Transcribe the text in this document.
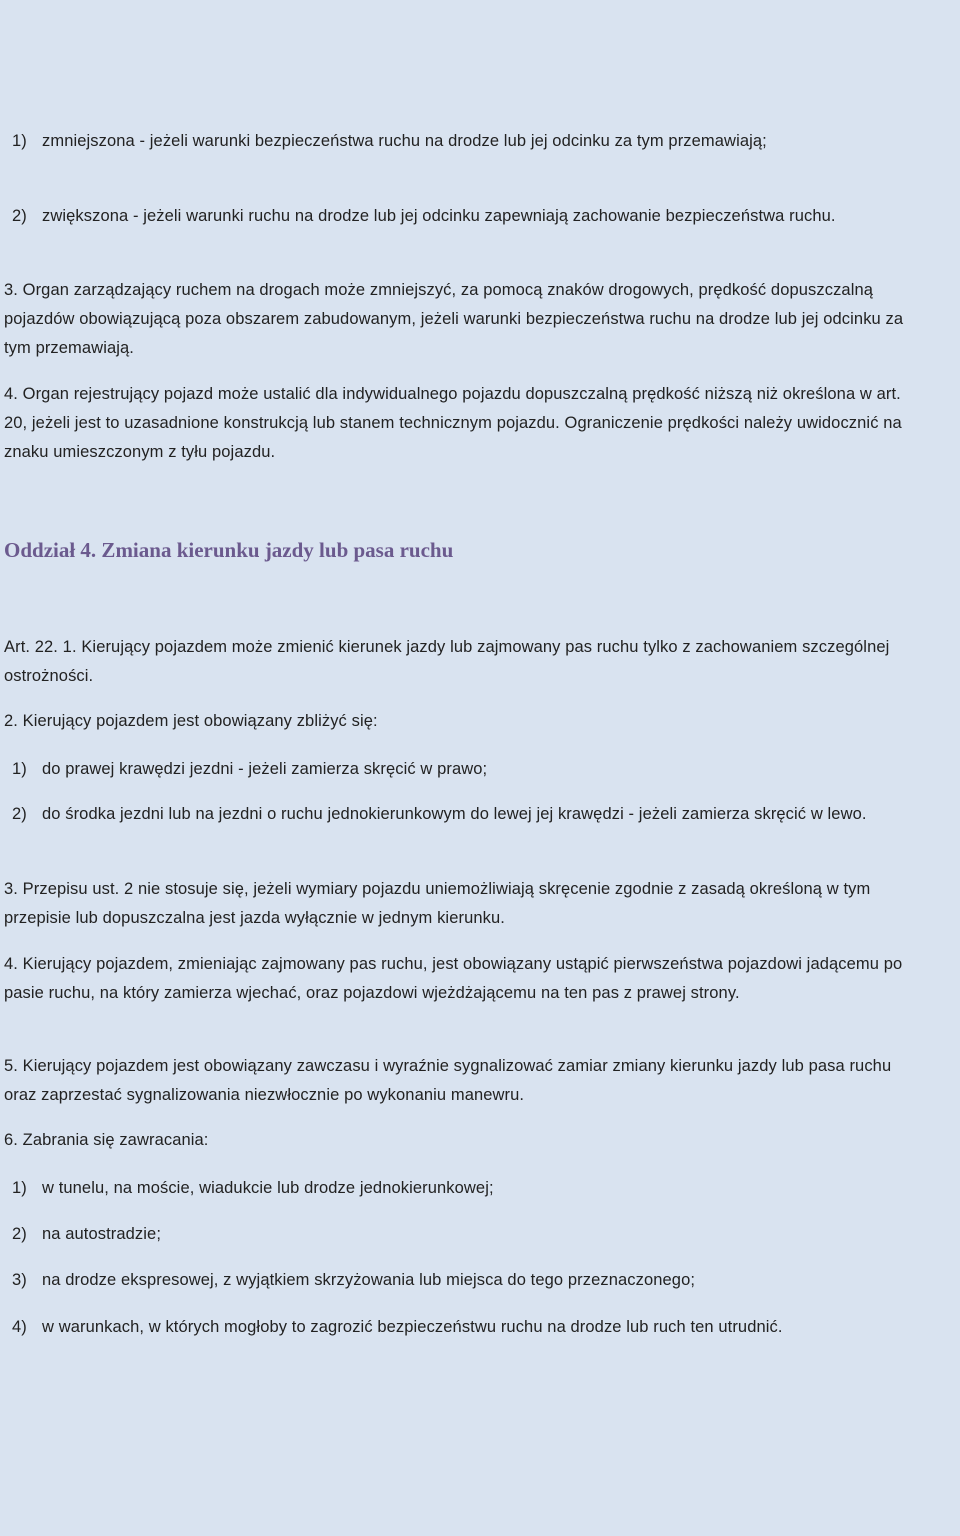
1) zmniejszona - jeżeli warunki bezpieczeństwa ruchu na drodze lub jej odcinku za tym przemawiają;

2) zwiększona - jeżeli warunki ruchu na drodze lub jej odcinku zapewniają zachowanie bezpieczeństwa ruchu.

3. Organ zarządzający ruchem na drogach może zmniejszyć, za pomocą znaków drogowych, prędkość dopuszczalną pojazdów obowiązującą poza obszarem zabudowanym, jeżeli warunki bezpieczeństwa ruchu na drodze lub jej odcinku za tym przemawiają.

4. Organ rejestrujący pojazd może ustalić dla indywidualnego pojazdu dopuszczalną prędkość niższą niż określona w art. 20, jeżeli jest to uzasadnione konstrukcją lub stanem technicznym pojazdu. Ograniczenie prędkości należy uwidocznić na znaku umieszczonym z tyłu pojazdu.

Oddział 4. Zmiana kierunku jazdy lub pasa ruchu

Art. 22. 1. Kierujący pojazdem może zmienić kierunek jazdy lub zajmowany pas ruchu tylko z zachowaniem szczególnej ostrożności.

2. Kierujący pojazdem jest obowiązany zbliżyć się:

1) do prawej krawędzi jezdni - jeżeli zamierza skręcić w prawo;

2) do środka jezdni lub na jezdni o ruchu jednokierunkowym do lewej jej krawędzi - jeżeli zamierza skręcić w lewo.

3. Przepisu ust. 2 nie stosuje się, jeżeli wymiary pojazdu uniemożliwiają skręcenie zgodnie z zasadą określoną w tym przepisie lub dopuszczalna jest jazda wyłącznie w jednym kierunku.

4. Kierujący pojazdem, zmieniając zajmowany pas ruchu, jest obowiązany ustąpić pierwszeństwa pojazdowi jadącemu po pasie ruchu, na który zamierza wjechać, oraz pojazdowi wjeżdżającemu na ten pas z prawej strony.

5. Kierujący pojazdem jest obowiązany zawczasu i wyraźnie sygnalizować zamiar zmiany kierunku jazdy lub pasa ruchu oraz zaprzestać sygnalizowania niezwłocznie po wykonaniu manewru.

6. Zabrania się zawracania:

1) w tunelu, na moście, wiadukcie lub drodze jednokierunkowej;

2) na autostradzie;

3) na drodze ekspresowej, z wyjątkiem skrzyżowania lub miejsca do tego przeznaczonego;

4) w warunkach, w których mogłoby to zagrozić bezpieczeństwu ruchu na drodze lub ruch ten utrudnić.
